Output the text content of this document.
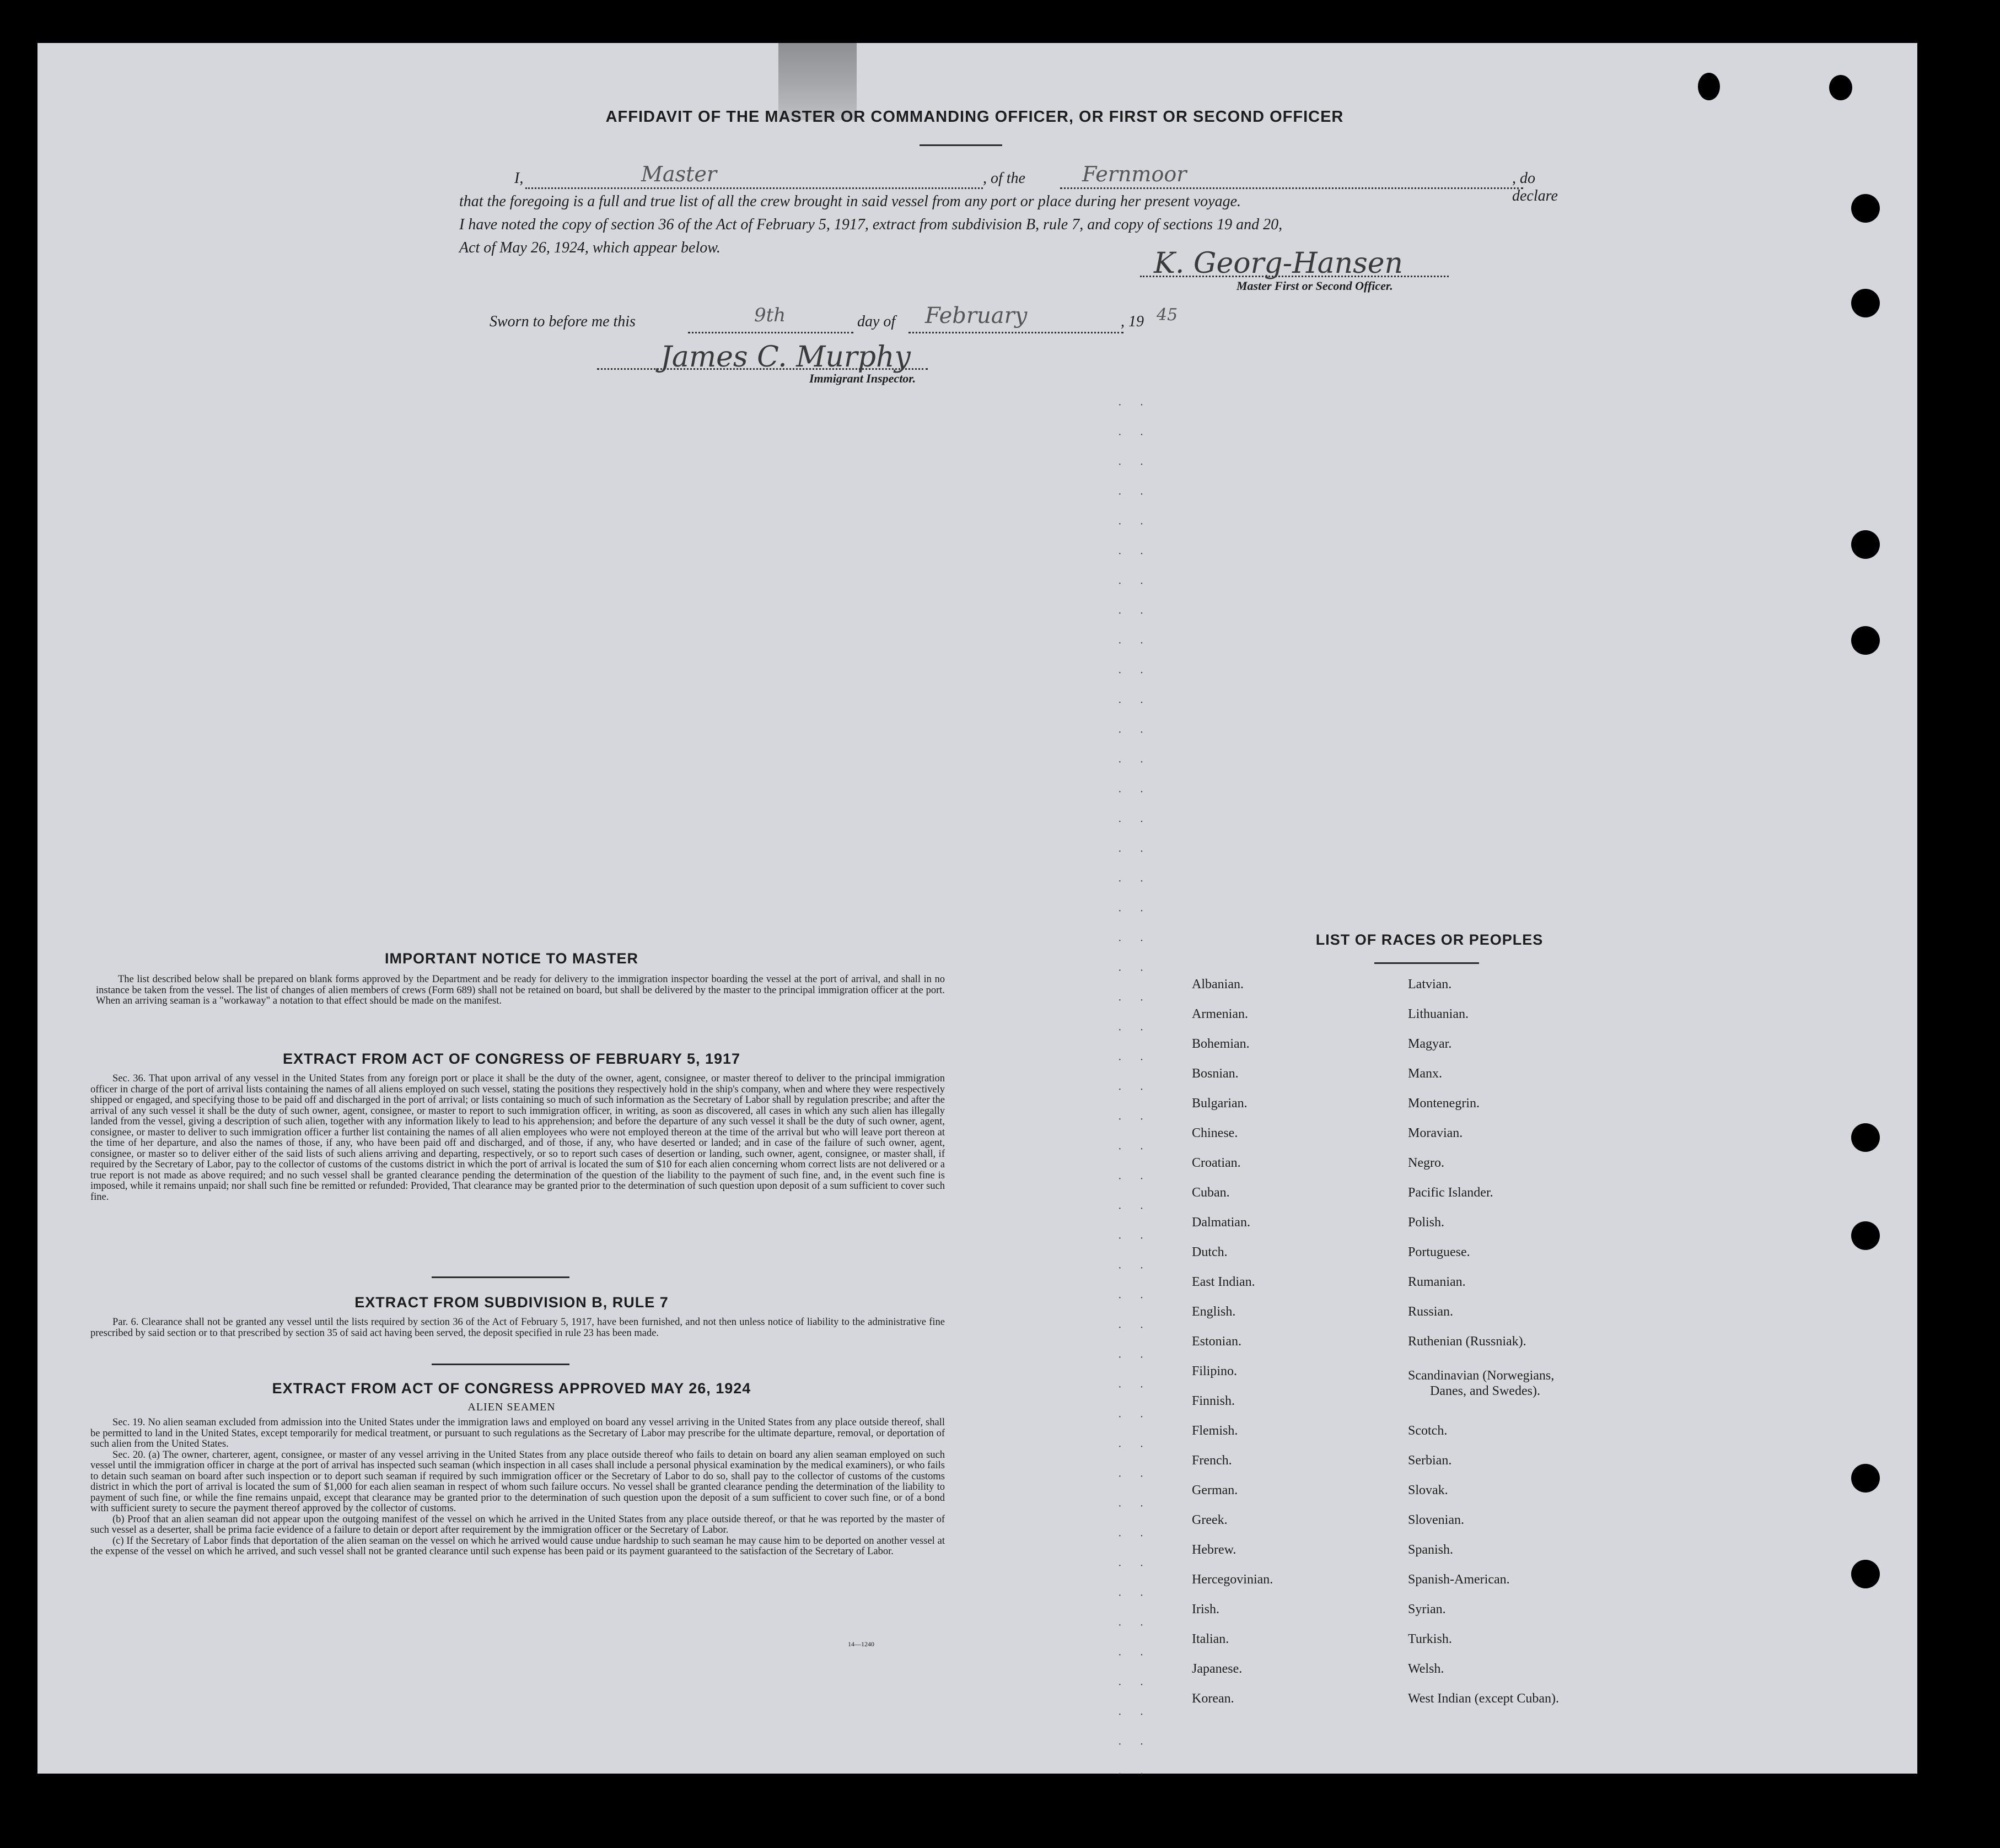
AFFIDAVIT OF THE MASTER OR COMMANDING OFFICER, OR FIRST OR SECOND OFFICER
I,	Master	, of the	Fernmoor	, do declare

that the foregoing is a full and true list of all the crew brought in said vessel from any port or place during her present voyage.

I have noted the copy of section 36 of the Act of February 5, 1917, extract from subdivision B, rule 7, and copy of sections 19 and 20,

Act of May 26, 1924, which appear below.	K. Georg-Hansen
Master First or Second Officer.
Sworn to before me this	9th	day of February	, 19 45
James C. Murphy
Immigrant Inspector.
· ·
· ·
· ·
· ·
· ·
· ·
· ·
· ·
· ·
· ·
· ·
· ·
· ·
· ·
· ·
· ·
· ·
· ·
· ·
· ·
· ·
· ·
· ·
· ·
· ·
· ·
· ·
· ·
· ·
· ·
· ·
· ·
· ·
· ·
· ·
· ·
· ·
· ·
· ·
· ·
· ·
· ·
· ·
· ·
· ·
· ·
· ·
IMPORTANT NOTICE TO MASTER

The list described below shall be prepared on blank forms approved by the Department and be ready for delivery to the immigration inspector boarding the vessel at the port of arrival, and shall in no instance be taken from the vessel. The list of changes of alien members of crews (Form 689) shall not be retained on board, but shall be delivered by the master to the principal immigration officer at the port. When an arriving seaman is a "workaway" a notation to that effect should be made on the manifest.

EXTRACT FROM ACT OF CONGRESS OF FEBRUARY 5, 1917

Sec. 36. That upon arrival of any vessel in the United States from any foreign port or place it shall be the duty of the owner, agent, consignee, or master thereof to deliver to the principal immigration officer in charge of the port of arrival lists containing the names of all aliens employed on such vessel, stating the positions they respectively hold in the ship's company, when and where they were respectively shipped or engaged, and specifying those to be paid off and discharged in the port of arrival; or lists containing so much of such information as the Secretary of Labor shall by regulation prescribe; and after the arrival of any such vessel it shall be the duty of such owner, agent, consignee, or master to report to such immigration officer, in writing, as soon as discovered, all cases in which any such alien has illegally landed from the vessel, giving a description of such alien, together with any information likely to lead to his apprehension; and before the departure of any such vessel it shall be the duty of such owner, agent, consignee, or master to deliver to such immigration officer a further list containing the names of all alien employees who were not employed thereon at the time of the arrival but who will leave port thereon at the time of her departure, and also the names of those, if any, who have been paid off and discharged, and of those, if any, who have deserted or landed; and in case of the failure of such owner, agent, consignee, or master so to deliver either of the said lists of such aliens arriving and departing, respectively, or so to report such cases of desertion or landing, such owner, agent, consignee, or master shall, if required by the Secretary of Labor, pay to the collector of customs of the customs district in which the port of arrival is located the sum of $10 for each alien concerning whom correct lists are not delivered or a true report is not made as above required; and no such vessel shall be granted clearance pending the determination of the question of the liability to the payment of such fine, and, in the event such fine is imposed, while it remains unpaid; nor shall such fine be remitted or refunded: Provided, That clearance may be granted prior to the determination of such question upon deposit of a sum sufficient to cover such fine.

EXTRACT FROM SUBDIVISION B, RULE 7

Par. 6. Clearance shall not be granted any vessel until the lists required by section 36 of the Act of February 5, 1917, have been furnished, and not then unless notice of liability to the administrative fine prescribed by said section or to that prescribed by section 35 of said act having been served, the deposit specified in rule 23 has been made.

EXTRACT FROM ACT OF CONGRESS APPROVED MAY 26, 1924
ALIEN SEAMEN

Sec. 19. No alien seaman excluded from admission into the United States under the immigration laws and employed on board any vessel arriving in the United States from any place outside thereof, shall be permitted to land in the United States, except temporarily for medical treatment, or pursuant to such regulations as the Secretary of Labor may prescribe for the ultimate departure, removal, or deportation of such alien from the United States.

Sec. 20. (a) The owner, charterer, agent, consignee, or master of any vessel arriving in the United States from any place outside thereof who fails to detain on board any alien seaman employed on such vessel until the immigration officer in charge at the port of arrival has inspected such seaman (which inspection in all cases shall include a personal physical examination by the medical examiners), or who fails to detain such seaman on board after such inspection or to deport such seaman if required by such immigration officer or the Secretary of Labor to do so, shall pay to the collector of customs of the customs district in which the port of arrival is located the sum of $1,000 for each alien seaman in respect of whom such failure occurs. No vessel shall be granted clearance pending the determination of the liability to payment of such fine, or while the fine remains unpaid, except that clearance may be granted prior to the determination of such question upon the deposit of a sum sufficient to cover such fine, or of a bond with sufficient surety to secure the payment thereof approved by the collector of customs.

(b) Proof that an alien seaman did not appear upon the outgoing manifest of the vessel on which he arrived in the United States from any place outside thereof, or that he was reported by the master of such vessel as a deserter, shall be prima facie evidence of a failure to detain or deport after requirement by the immigration officer or the Secretary of Labor.

(c) If the Secretary of Labor finds that deportation of the alien seaman on the vessel on which he arrived would cause undue hardship to such seaman he may cause him to be deported on another vessel at the expense of the vessel on which he arrived, and such vessel shall not be granted clearance until such expense has been paid or its payment guaranteed to the satisfaction of the Secretary of Labor.

14—1240
LIST OF RACES OR PEOPLES
Albanian.
Armenian.
Bohemian.
Bosnian.
Bulgarian.
Chinese.
Croatian.
Cuban.
Dalmatian.
Dutch.
East Indian.
English.
Estonian.
Filipino.
Finnish.
Flemish.
French.
German.
Greek.
Hebrew.
Hercegovinian.
Irish.
Italian.
Japanese.
Korean.
Latvian.
Lithuanian.
Magyar.
Manx.
Montenegrin.
Moravian.
Negro.
Pacific Islander.
Polish.
Portuguese.
Rumanian.
Russian.
Ruthenian (Russniak).
Scandinavian (Norwegians,
Danes, and Swedes).
Scotch.
Serbian.
Slovak.
Slovenian.
Spanish.
Spanish-American.
Syrian.
Turkish.
Welsh.
West Indian (except Cuban).
